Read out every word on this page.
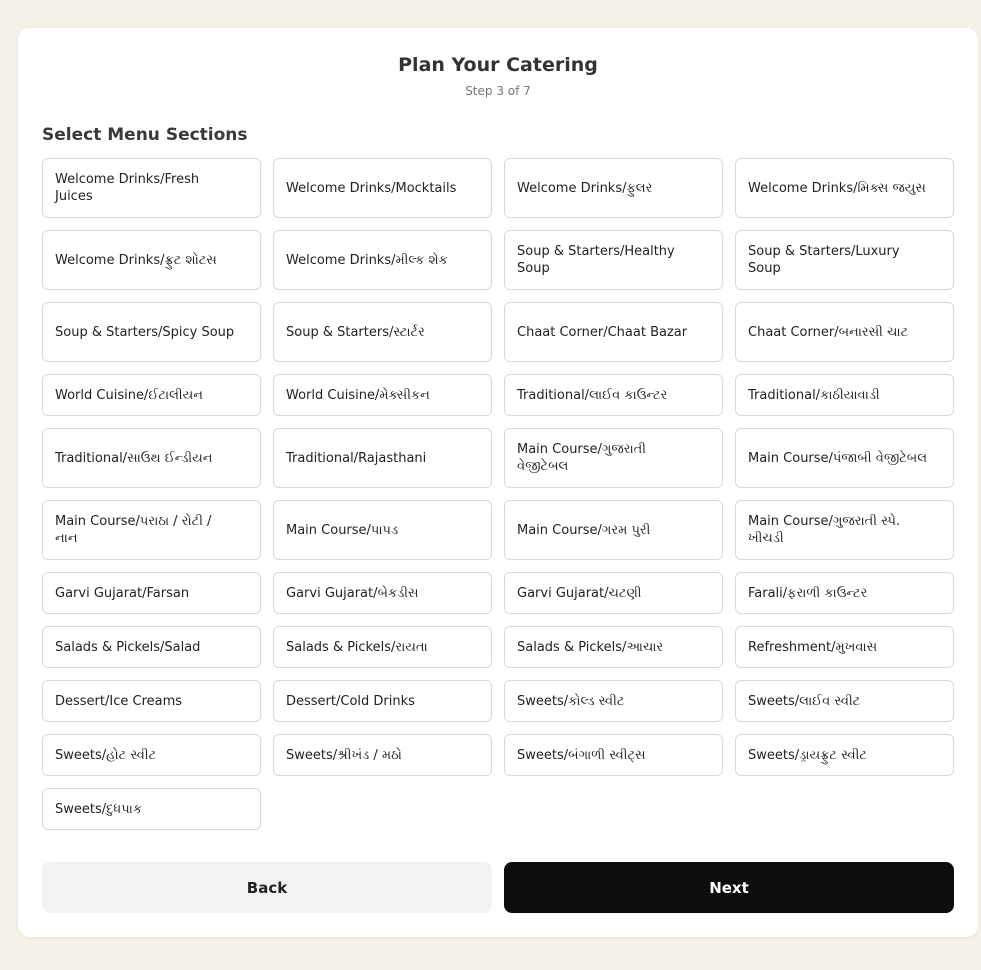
Plan Your Catering
Step 3 of 7
Select Menu Sections
Welcome Drinks/Fresh Juices
Welcome Drinks/Mocktails	Welcome Drinks/ફુલર	Welcome Drinks/મિક્સ જયુસ
Welcome Drinks/ફ્રુટ શોટસ	Welcome Drinks/મીલ્ક શેક
Soup & Starters/Healthy Soup
Soup & Starters/Luxury Soup
Soup & Starters/Spicy Soup	Soup & Starters/સ્ટાર્ટર	Chaat Corner/Chaat Bazar	Chaat Corner/બનારસી ચાટ
World Cuisine/ઈટાલીયન	World Cuisine/મેક્સીકન	Traditional/લાઈવ કાઉન્ટર	Traditional/કાઠીયાવાડી
Traditional/સાઉથ ઈન્ડીયન	Traditional/Rajasthani
Main Course/ગુજરાતી વેજીટેબલ
Main Course/પંજાબી વેજીટેબલ
Main Course/પરાઠા / રોટી / નાન
Main Course/પાપડ	Main Course/ગરમ પુરી
Main Course/ગુજરાતી સ્પે. ખીચડી
Garvi Gujarat/Farsan	Garvi Gujarat/બેકડીસ	Garvi Gujarat/ચટણી	Farali/ફરાળી કાઉન્ટર
Salads & Pickels/Salad	Salads & Pickels/રાયતા	Salads & Pickels/આચાર	Refreshment/મુખવાસ
Dessert/Ice Creams	Dessert/Cold Drinks	Sweets/કોલ્ડ સ્વીટ	Sweets/લાઈવ સ્વીટ
Sweets/હોટ સ્વીટ	Sweets/શ્રીખંડ / મઠો	Sweets/બંગાળી સ્વીટ્સ	Sweets/ડ્રાયફ્રુટ સ્વીટ
Sweets/દુધપાક
Back	Next
